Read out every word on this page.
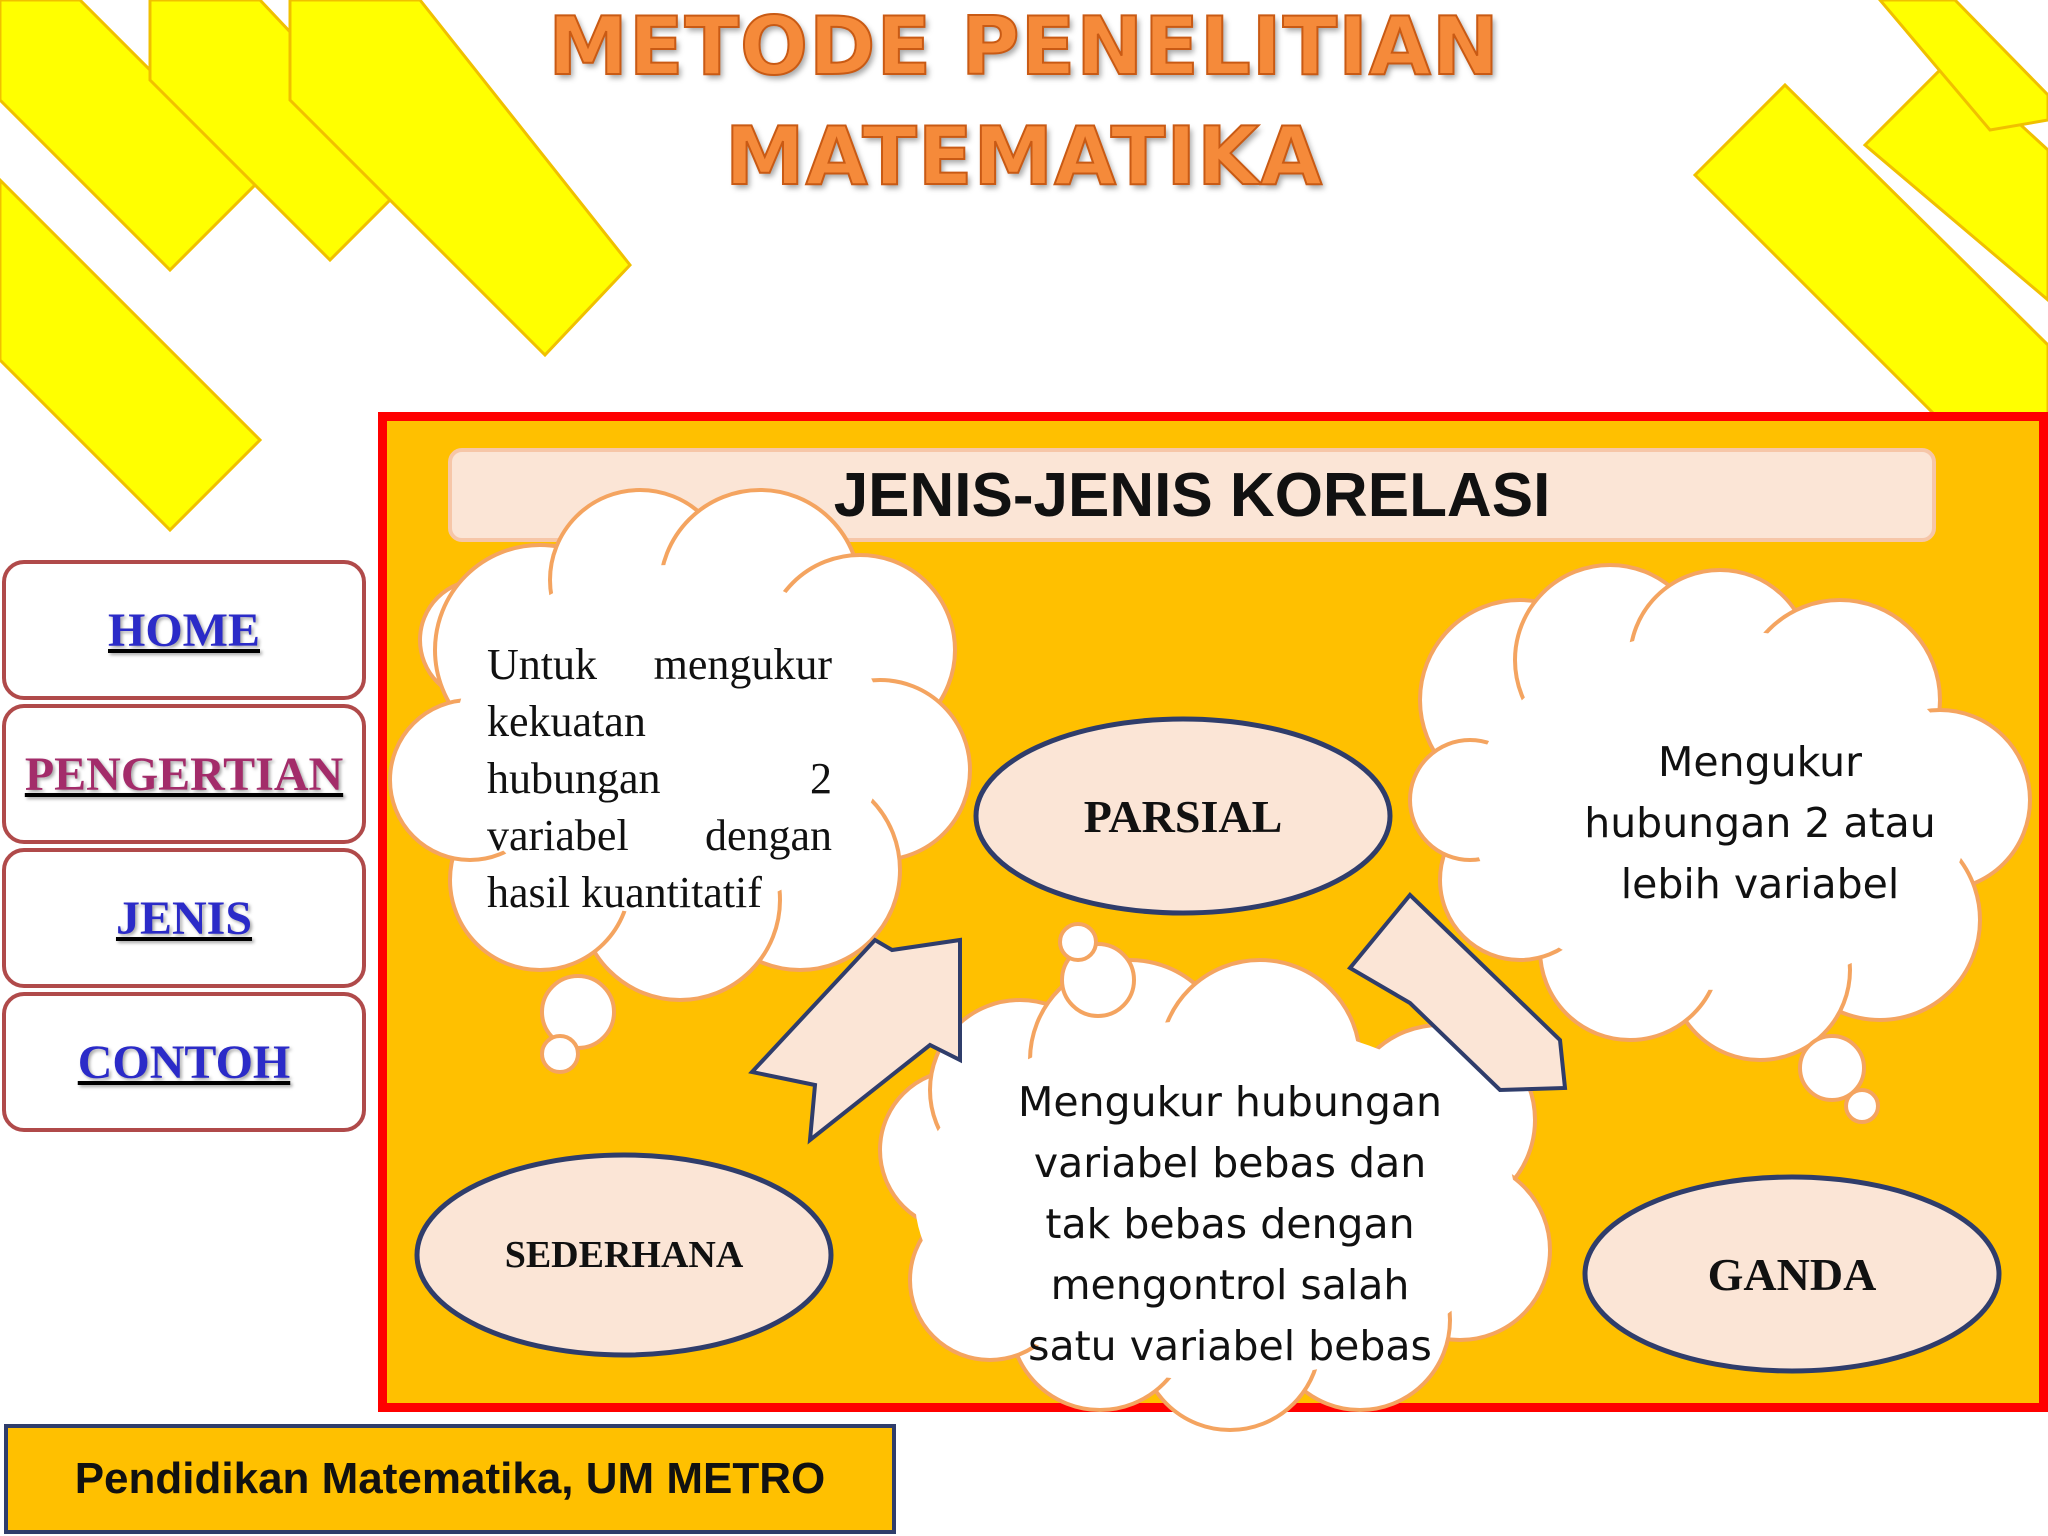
METODE PENELITIAN
MATEMATIKA
HOME
PENGERTIAN
JENIS
CONTOH
JENIS-JENIS KORELASI
SEDERHANA
PARSIAL
GANDA
Untuk mengukur
kekuatan
hubungan 2
variabel dengan
hasil kuantitatif
Mengukur
hubungan 2 atau
lebih variabel
Mengukur hubungan
variabel bebas dan
tak bebas dengan
mengontrol salah
satu variabel bebas
Pendidikan Matematika, UM METRO
